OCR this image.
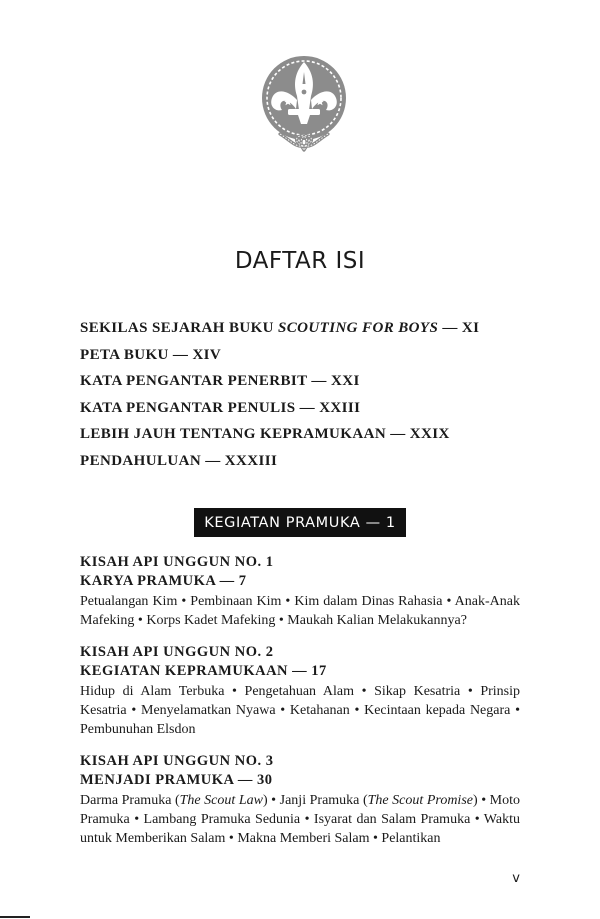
DAFTAR ISI
SEKILAS SEJARAH BUKU SCOUTING FOR BOYS — XI
PETA BUKU — XIV
KATA PENGANTAR PENERBIT — XXI
KATA PENGANTAR PENULIS — XXIII
LEBIH JAUH TENTANG KEPRAMUKAAN — XXIX
PENDAHULUAN — XXXIII
KEGIATAN PRAMUKA — 1
KISAH API UNGGUN NO. 1
KARYA PRAMUKA — 7
Petualangan Kim • Pembinaan Kim • Kim dalam Dinas Rahasia • Anak-Anak Mafeking • Korps Kadet Mafeking • Maukah Kalian Melakukannya?
KISAH API UNGGUN NO. 2
KEGIATAN KEPRAMUKAAN — 17
Hidup di Alam Terbuka • Pengetahuan Alam • Sikap Kesatria • Prinsip Kesatria • Menyelamatkan Nyawa • Ketahanan • Kecintaan kepada Negara • Pembunuhan Elsdon
KISAH API UNGGUN NO. 3
MENJADI PRAMUKA — 30
Darma Pramuka (The Scout Law) • Janji Pramuka (The Scout Promise) • Moto Pramuka • Lambang Pramuka Sedunia • Isyarat dan Salam Pramuka • Waktu untuk Memberikan Salam • Makna Memberi Salam • Pelantikan
v
